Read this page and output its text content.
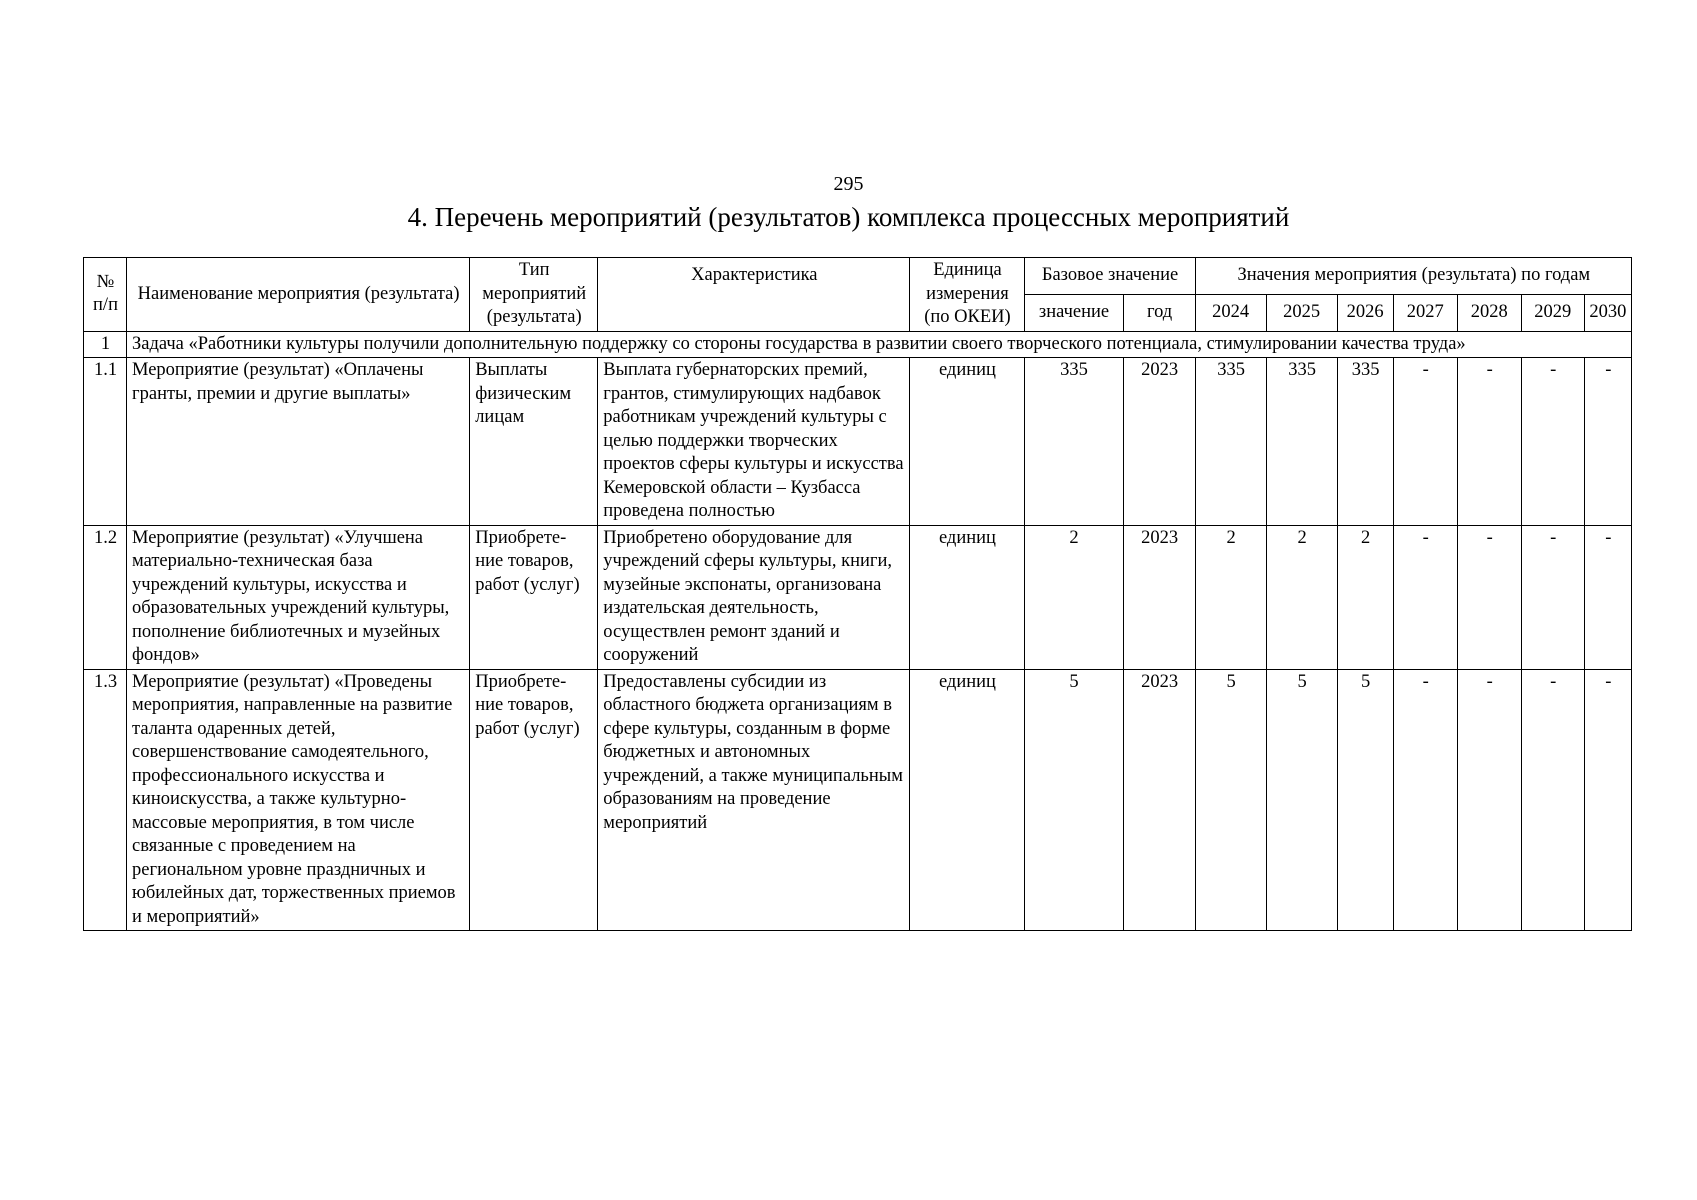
295
4. Перечень мероприятий (результатов) комплекса процессных мероприятий
№ п/п	Наименование мероприятия (результата)	Тип мероприятий (результата)	Характеристика	Единица измерения (по ОКЕИ)	Базовое значение		Значения мероприятия (результата) по годам						
					значение	год	2024	2025	2026	2027	2028	2029	2030
1	Задача «Работники культуры получили дополнительную поддержку со стороны государства в развитии своего творческого потенциала, стимулировании качества труда»												
1.1	Мероприятие (результат) «Оплачены гранты, премии и другие выплаты»	Выплаты физическим лицам	Выплата губернаторских премий, грантов, стимулирующих надбавок работникам учреждений культуры с целью поддержки творческих проектов сферы культуры и искусства Кемеровской области – Кузбасса проведена полностью	единиц	335	2023	335	335	335	-	-	-	-
1.2	Мероприятие (результат) «Улучшена материально-техническая база учреждений культуры, искусства и образовательных учреждений культуры, пополнение библиотечных и музейных фондов»	Приобрете-ние товаров, работ (услуг)	Приобретено оборудование для учреждений сферы культуры, книги, музейные экспонаты, организована издательская деятельность, осуществлен ремонт зданий и сооружений	единиц	2	2023	2	2	2	-	-	-	-
1.3	Мероприятие (результат) «Проведены мероприятия, направленные на развитие таланта одаренных детей, совершенствование самодеятельного, профессионального искусства и киноискусства, а также культурно-массовые мероприятия, в том числе связанные с проведением на региональном уровне праздничных и юбилейных дат, торжественных приемов и мероприятий»	Приобрете-ние товаров, работ (услуг)	Предоставлены субсидии из областного бюджета организациям в сфере культуры, созданным в форме бюджетных и автономных учреждений, а также муниципальным образованиям на проведение мероприятий	единиц	5	2023	5	5	5	-	-	-	-
